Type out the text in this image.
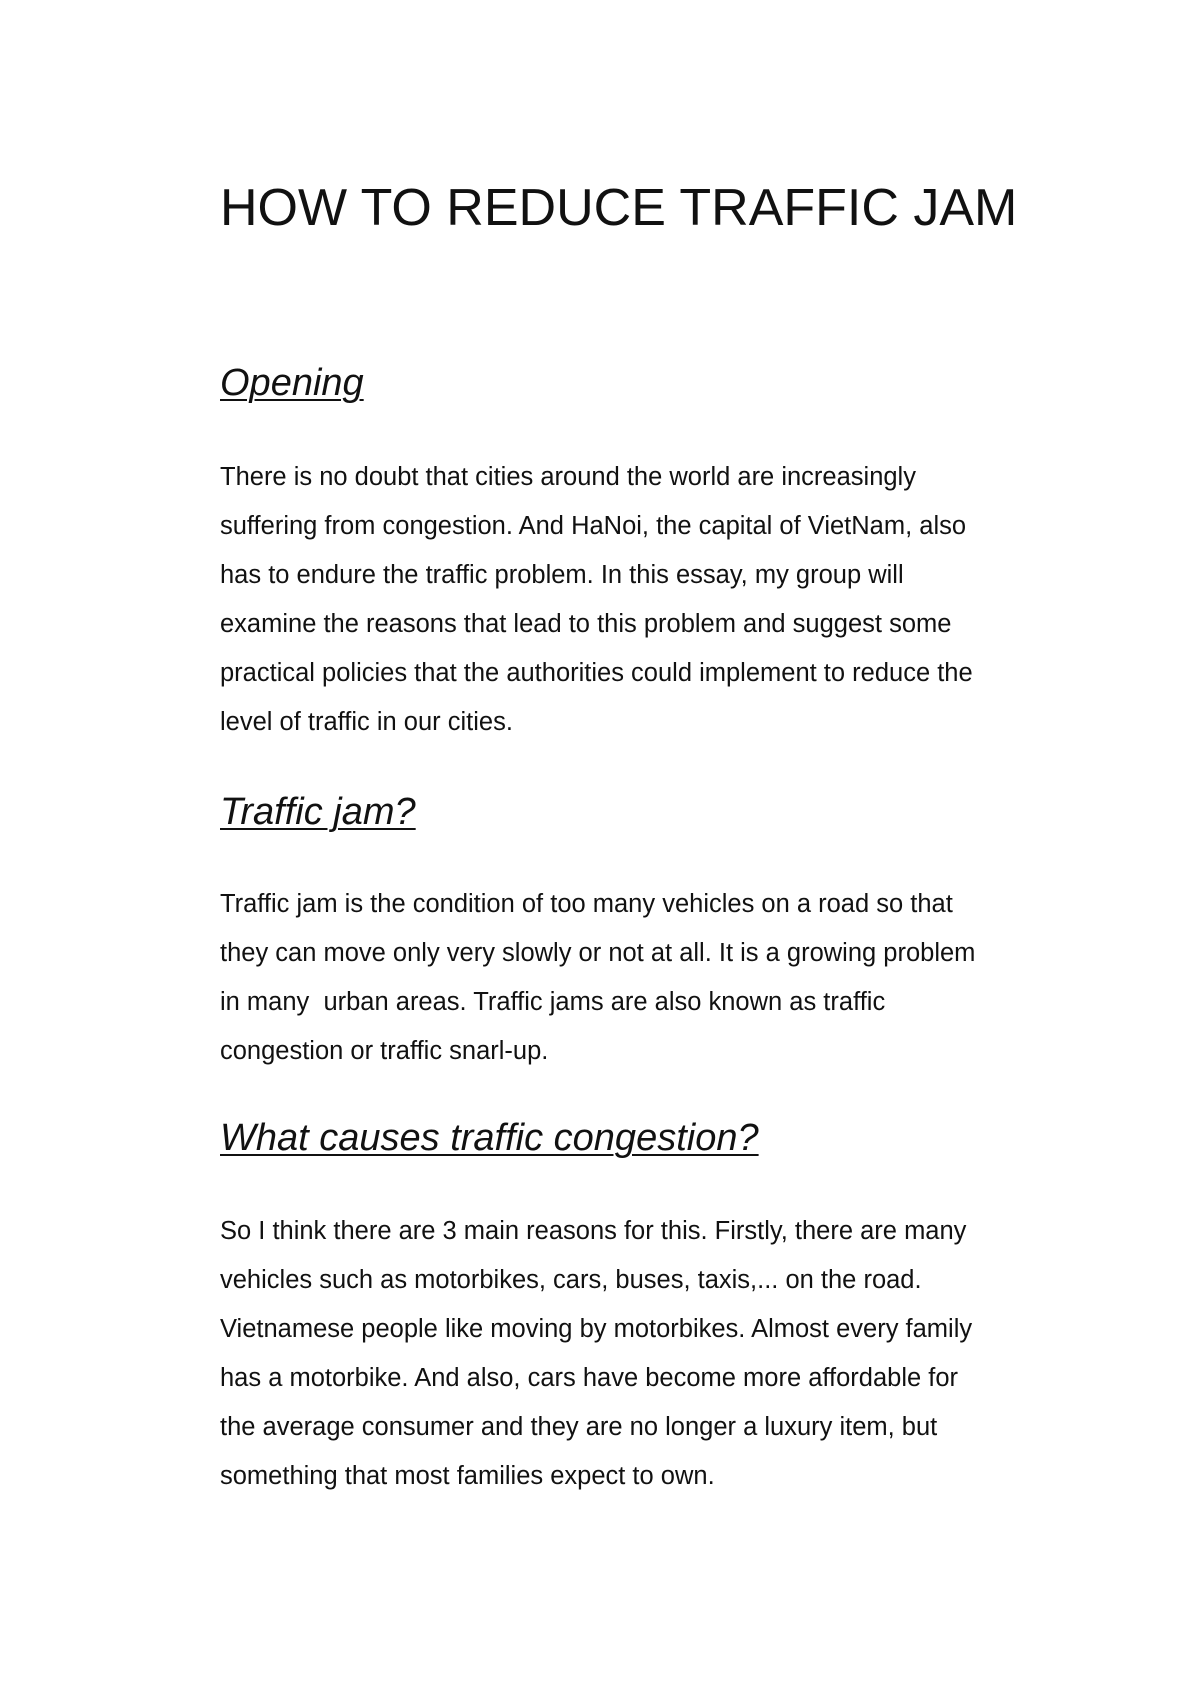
HOW TO REDUCE TRAFFIC JAM
Opening
There is no doubt that cities around the world are increasingly
suffering from congestion. And HaNoi, the capital of VietNam, also
has to endure the traffic problem. In this essay, my group will
examine the reasons that lead to this problem and suggest some
practical policies that the authorities could implement to reduce the
level of traffic in our cities.
Traffic jam?
Traffic jam is the condition of too many vehicles on a road so that
they can move only very slowly or not at all. It is a growing problem
in many  urban areas. Traffic jams are also known as traffic
congestion or traffic snarl-up.
What causes traffic congestion?
So I think there are 3 main reasons for this. Firstly, there are many
vehicles such as motorbikes, cars, buses, taxis,... on the road.
Vietnamese people like moving by motorbikes. Almost every family
has a motorbike. And also, cars have become more affordable for
the average consumer and they are no longer a luxury item, but
something that most families expect to own.
